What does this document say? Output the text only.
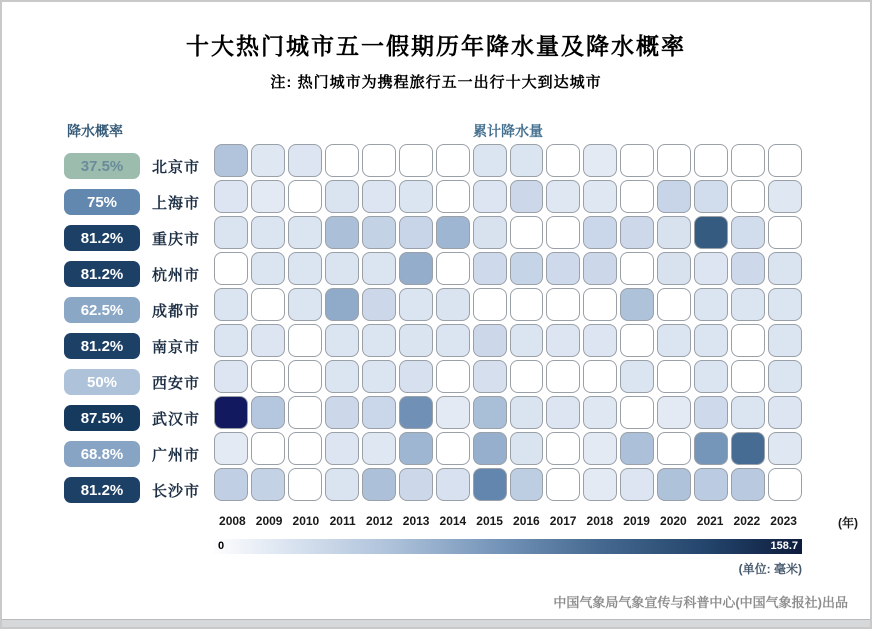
十大热门城市五一假期历年降水量及降水概率
注: 热门城市为携程旅行五一出行十大到达城市
降水概率	累计降水量
37.5%	北京市
75%	上海市
81.2%	重庆市
81.2%	杭州市
62.5%	成都市
81.2%	南京市
50%	西安市
87.5%	武汉市
68.8%	广州市
81.2%	长沙市
2008 2009 2010 2011 2012 2013 2014 2015 2016 2017 2018 2019 2020 2021 2022 2023	(年)
0	158.7
(单位: 毫米)
中国气象局气象宣传与科普中心(中国气象报社)出品
